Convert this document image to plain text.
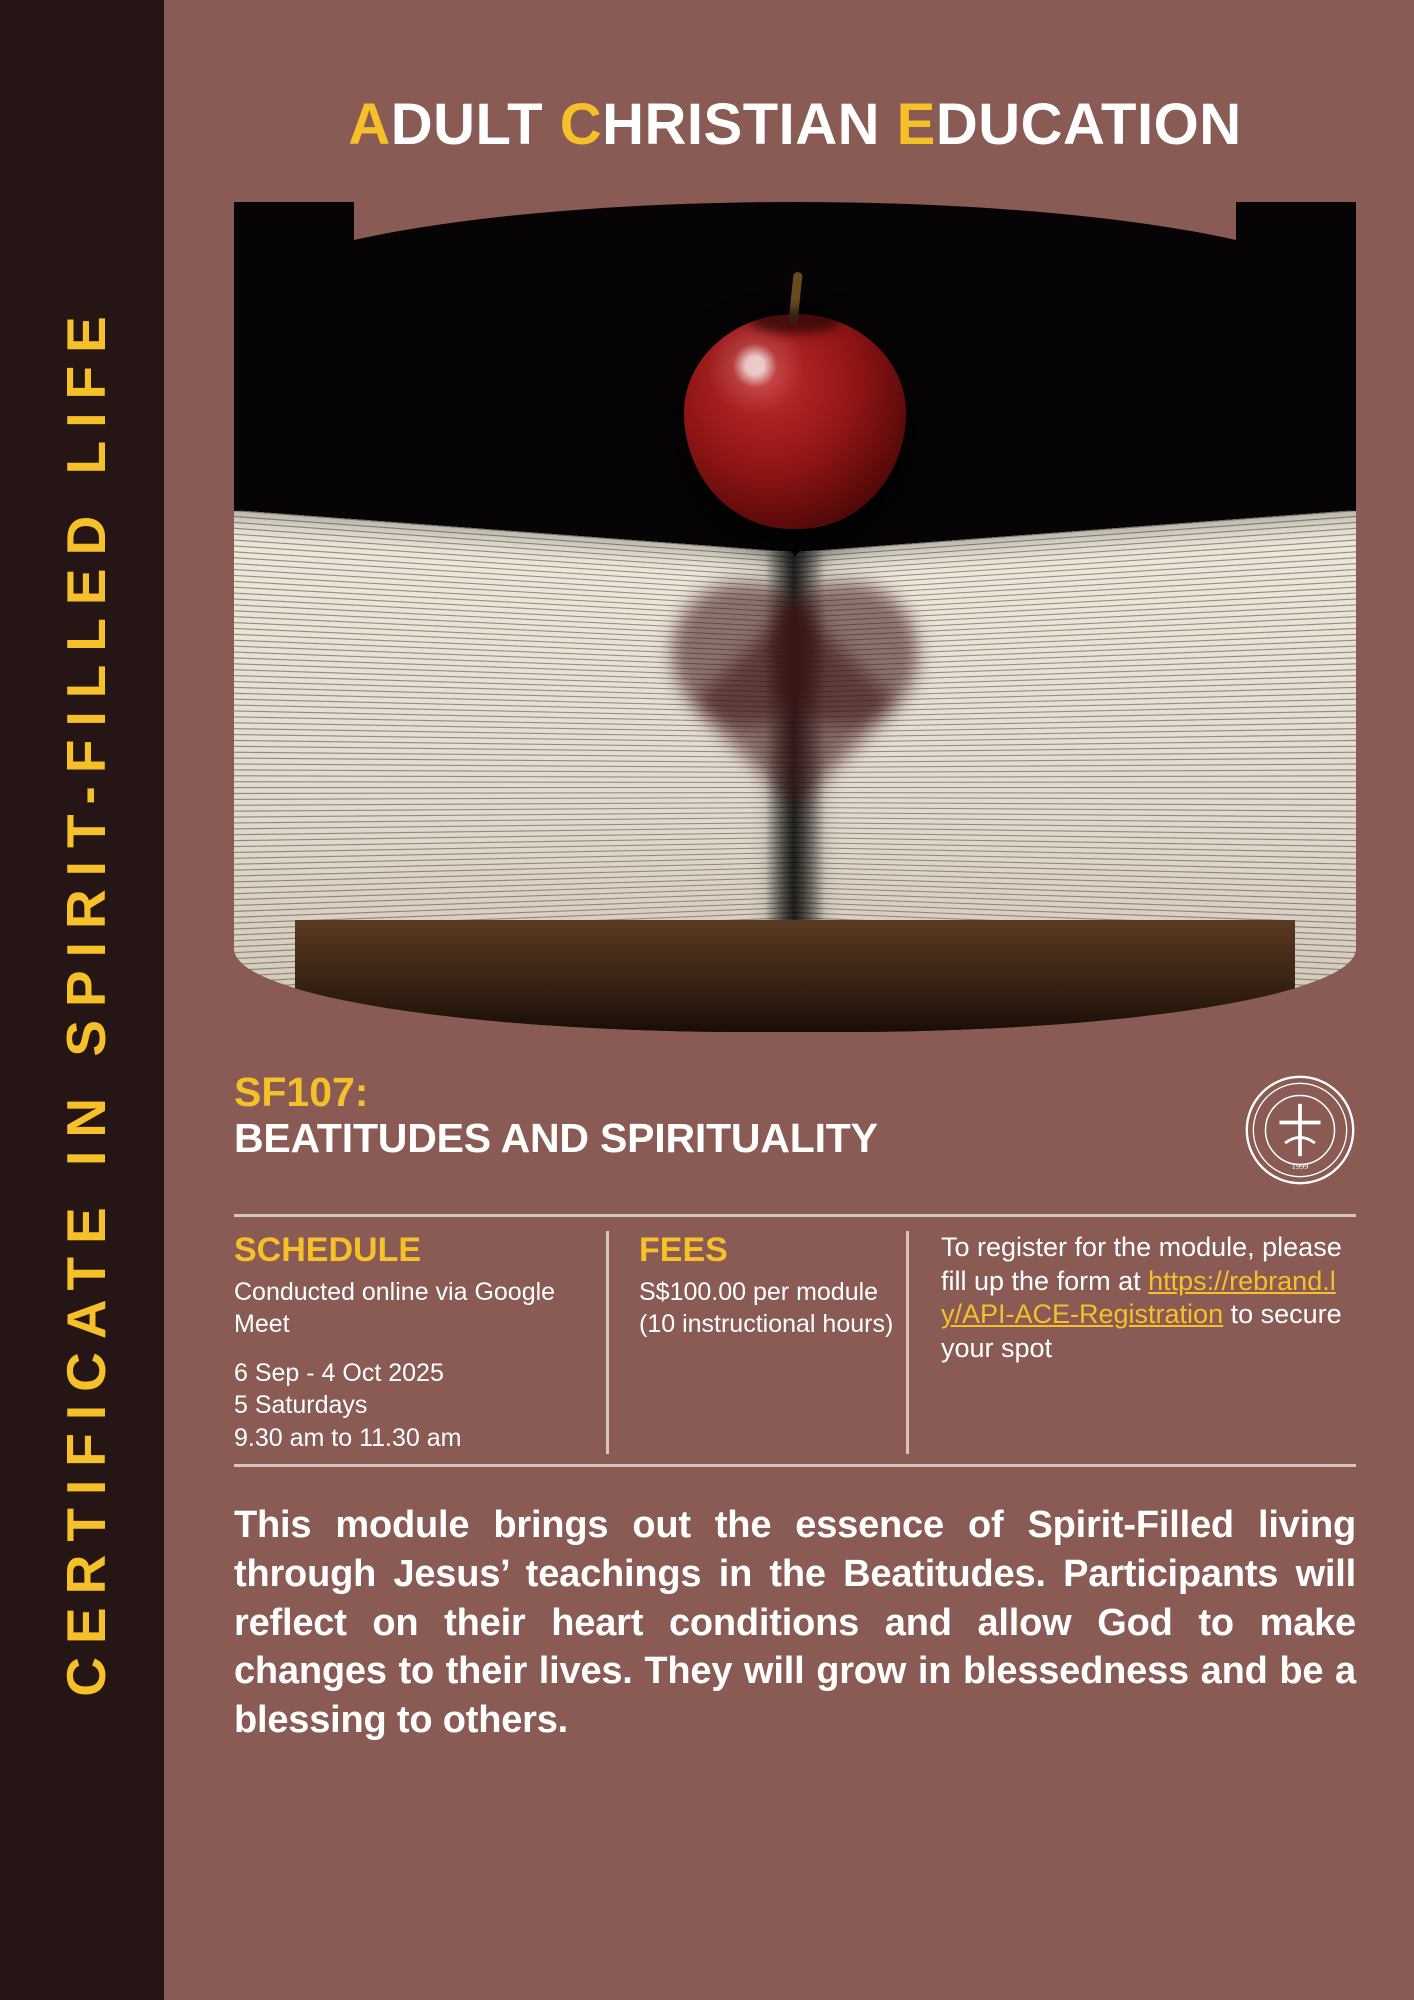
CERTIFICATE IN SPIRIT-FILLED LIFE
ADULT CHRISTIAN EDUCATION
SF107:
BEATITUDES AND SPIRITUALITY
1999
SCHEDULE
Conducted online via Google Meet
6 Sep - 4 Oct 2025
5 Saturdays
9.30 am to 11.30 am
FEES
S$100.00 per module
(10 instructional hours)
To register for the module, please fill up the form at https://rebrand.ly/API-ACE-Registration to secure your spot
This module brings out the essence of Spirit-Filled living through Jesus’ teachings in the Beatitudes. Participants will reflect on their heart conditions and allow God to make changes to their lives. They will grow in blessedness and be a blessing to others.
